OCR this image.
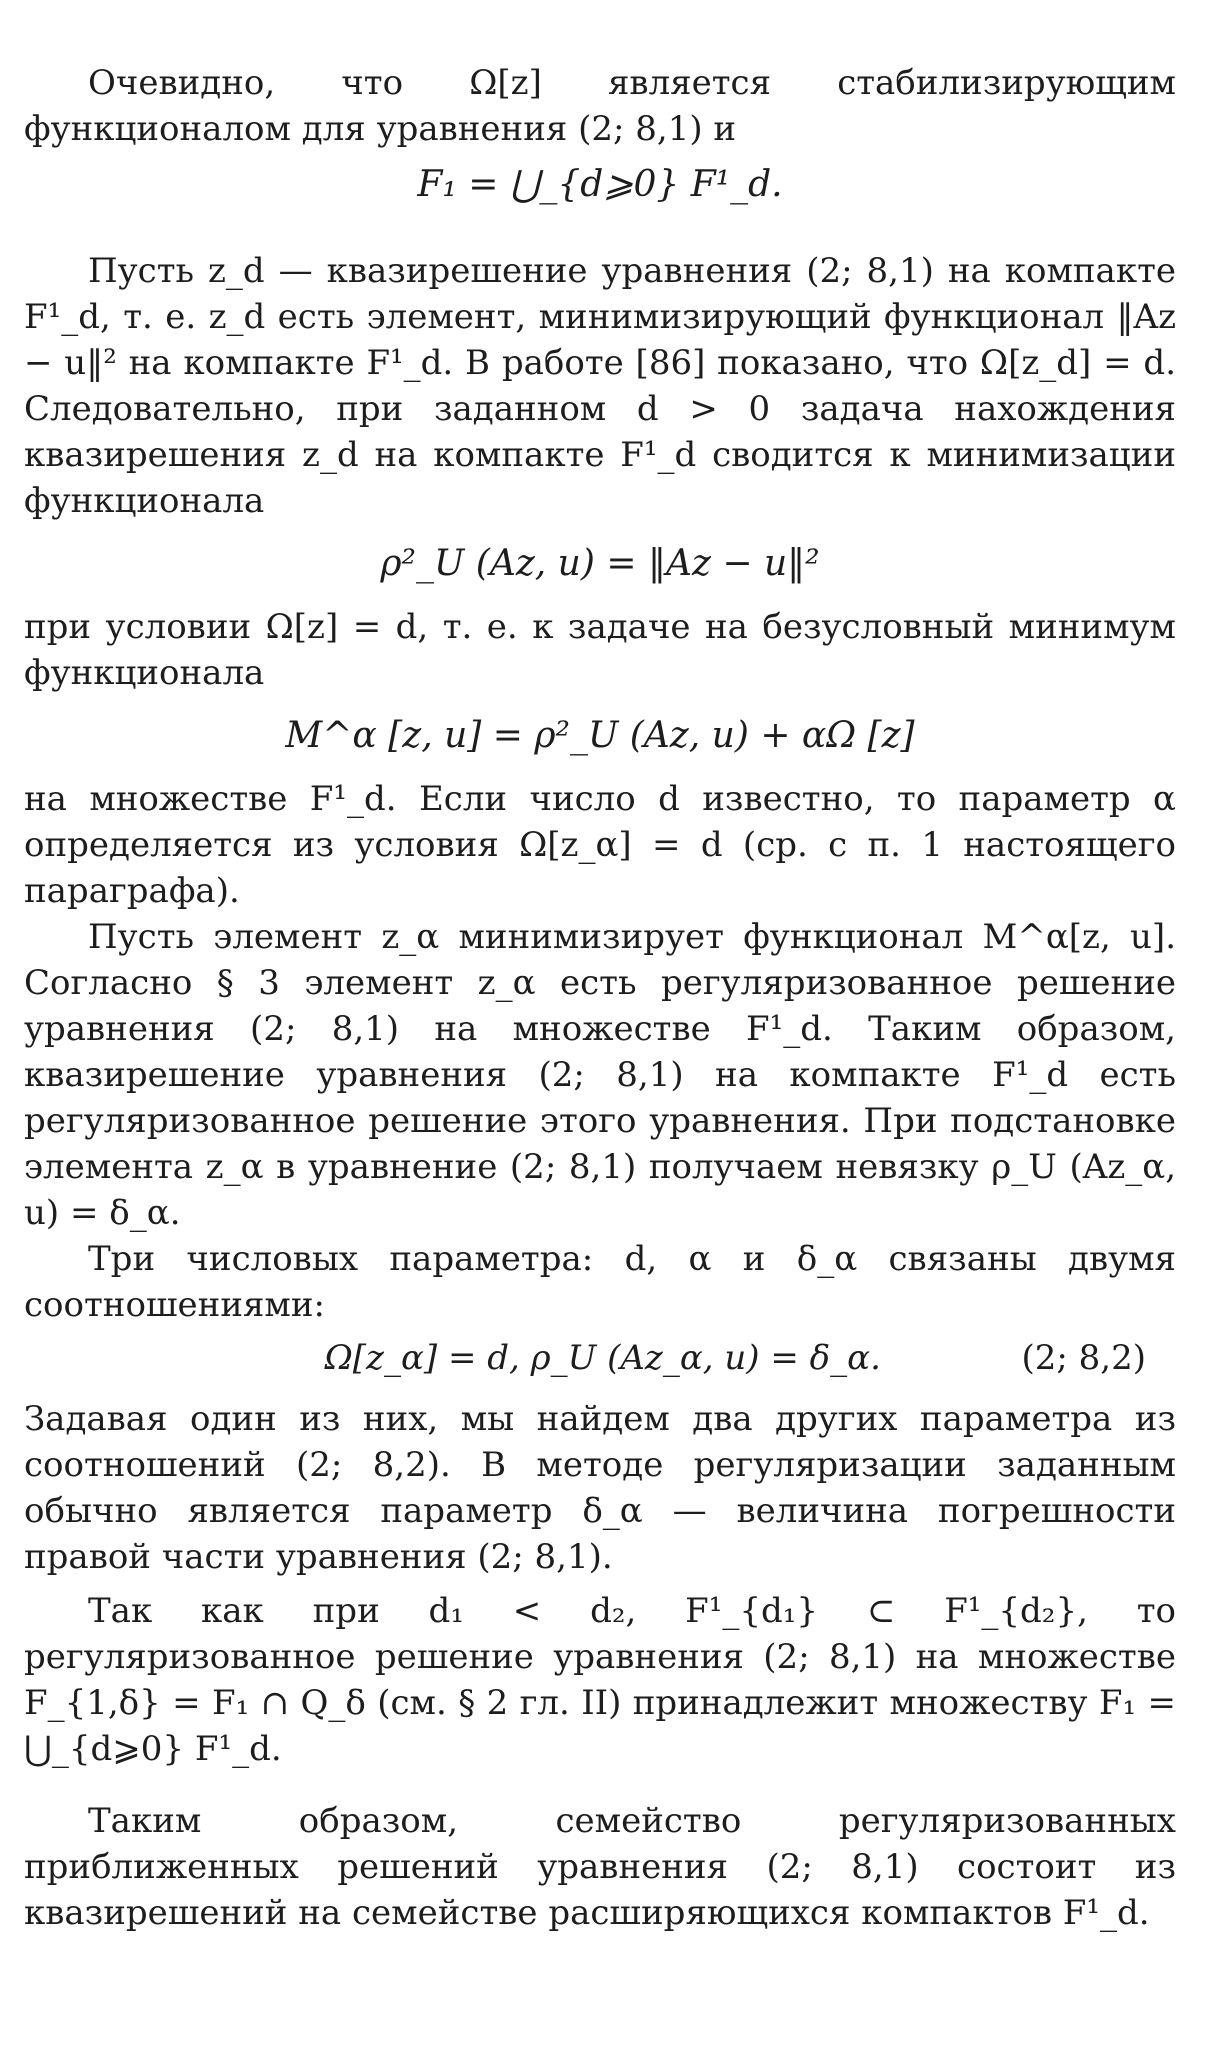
Очевидно, что Ω[z] является стабилизирующим функционалом для уравнения (2; 8,1) и

F₁ = ⋃_{d⩾0} F¹_d.

Пусть z_d — квазирешение уравнения (2; 8,1) на компакте F¹_d, т. е. z_d есть элемент, минимизирующий функционал ‖Az − u‖² на компакте F¹_d. В работе [86] показано, что Ω[z_d] = d. Следовательно, при заданном d > 0 задача нахождения квазирешения z_d на компакте F¹_d сводится к минимизации функционала

ρ²_U (Az, u) = ‖Az − u‖²

при условии Ω[z] = d, т. е. к задаче на безусловный минимум функционала

M^α [z, u] = ρ²_U (Az, u) + αΩ [z]

на множестве F¹_d. Если число d известно, то параметр α определяется из условия Ω[z_α] = d (ср. с п. 1 настоящего параграфа).

Пусть элемент z_α минимизирует функционал M^α[z, u]. Согласно § 3 элемент z_α есть регуляризованное решение уравнения (2; 8,1) на множестве F¹_d. Таким образом, квазирешение уравнения (2; 8,1) на компакте F¹_d есть регуляризованное решение этого уравнения. При подстановке элемента z_α в уравнение (2; 8,1) получаем невязку ρ_U (Az_α, u) = δ_α.

Три числовых параметра: d, α и δ_α связаны двумя соотношениями:

Ω[z_α] = d, ρ_U (Az_α, u) = δ_α.	(2; 8,2)

Задавая один из них, мы найдем два других параметра из соотношений (2; 8,2). В методе регуляризации заданным обычно является параметр δ_α — величина погрешности правой части уравнения (2; 8,1).

Так как при d₁ < d₂, F¹_{d₁} ⊂ F¹_{d₂}, то регуляризованное решение уравнения (2; 8,1) на множестве F_{1,δ} = F₁ ∩ Q_δ (см. § 2 гл. II) принадлежит множеству F₁ = ⋃_{d⩾0} F¹_d.

Таким образом, семейство регуляризованных приближенных решений уравнения (2; 8,1) состоит из квазирешений на семействе расширяющихся компактов F¹_d.
